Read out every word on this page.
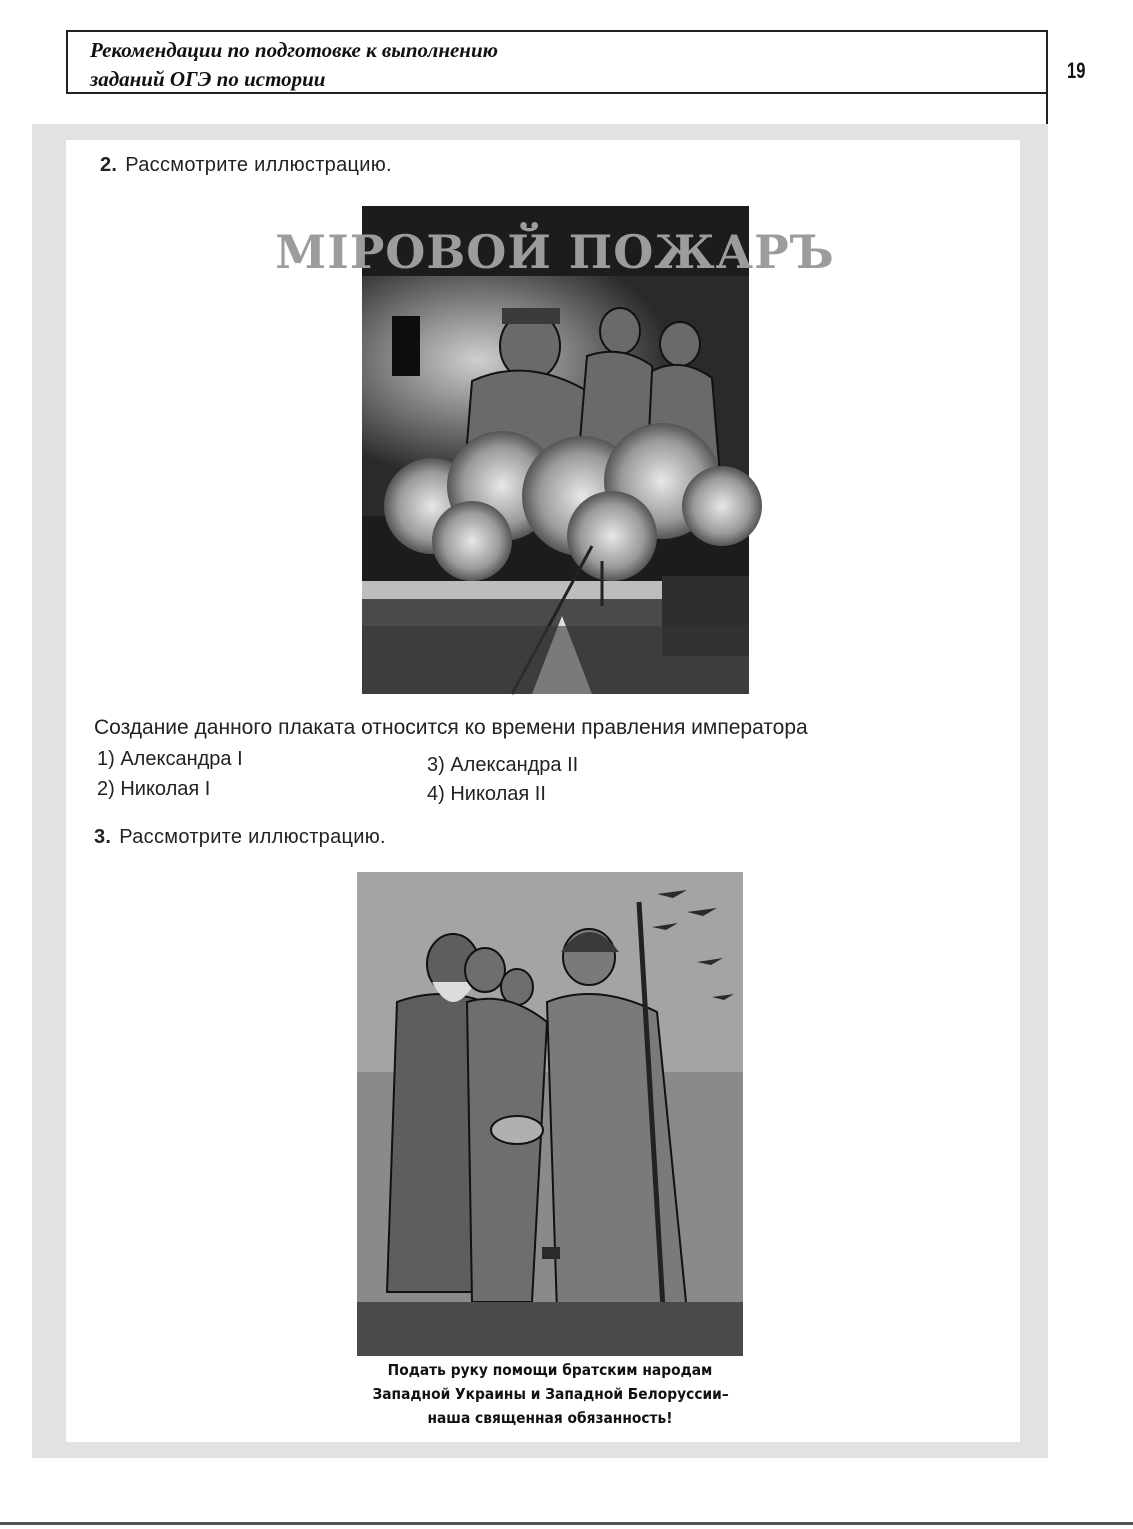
Рекомендации по подготовке к выполнению
заданий ОГЭ по истории	19
2. Рассмотрите иллюстрацию.
МIРОВОЙ ПОЖАРЪ
Создание данного плаката относится ко времени правления императора
1) Александра I
2) Николая I
3) Александра II
4) Николая II
3. Рассмотрите иллюстрацию.
Подать руку помощи братским народам
Западной Украины и Западной Белоруссии–
наша священная обязанность!
